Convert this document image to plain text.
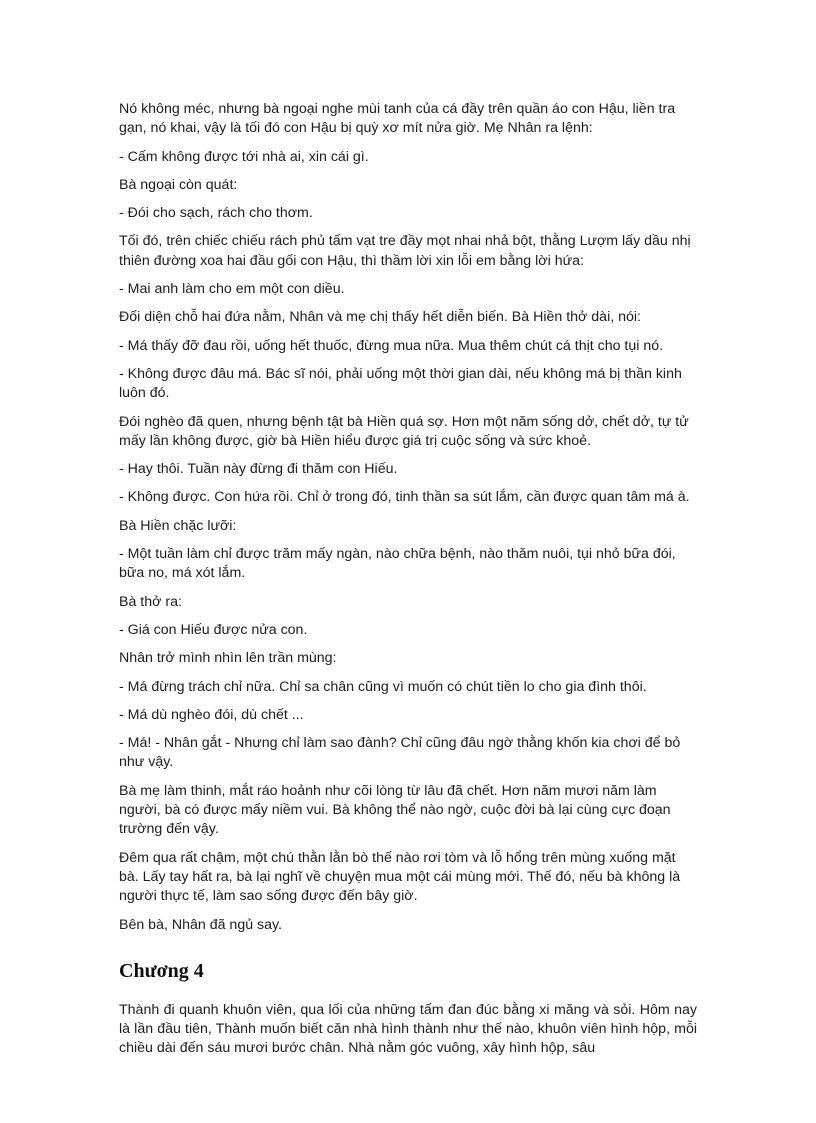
Nó không méc, nhưng bà ngoại nghe mùi tanh của cá đầy trên quần áo con Hậu, liền tra gạn, nó khai, vậy là tối đó con Hậu bị quỳ xơ mít nửa giờ. Mẹ Nhân ra lệnh:

- Cấm không được tới nhà ai, xin cái gì.

Bà ngoại còn quát:

- Đói cho sạch, rách cho thơm.

Tối đó, trên chiếc chiếu rách phủ tấm vạt tre đầy mọt nhai nhả bột, thằng Lượm lấy dầu nhị thiên đường xoa hai đầu gối con Hậu, thì thầm lời xin lỗi em bằng lời hứa:

- Mai anh làm cho em một con diều.

Đối diện chỗ hai đứa nằm, Nhân và mẹ chị thấy hết diễn biến. Bà Hiền thở dài, nói:

- Má thấy đỡ đau rồi, uống hết thuốc, đừng mua nữa. Mua thêm chút cá thịt cho tụi nó.

- Không được đâu má. Bác sĩ nói, phải uống một thời gian dài, nếu không má bị thần kinh luôn đó.

Đói nghèo đã quen, nhưng bệnh tật bà Hiền quá sợ. Hơn một năm sống dở, chết dở, tự tử mấy lần không được, giờ bà Hiền hiểu được giá trị cuộc sống và sức khoẻ.

- Hay thôi. Tuần này đừng đi thăm con Hiếu.

- Không được. Con hứa rồi. Chỉ ở trong đó, tinh thần sa sút lắm, cần được quan tâm má à.

Bà Hiền chặc lưỡi:

- Một tuần làm chỉ được trăm mấy ngàn, nào chữa bệnh, nào thăm nuôi, tụi nhỏ bữa đói, bữa no, má xót lắm.

Bà thở ra:

- Giá con Hiếu được nửa con.

Nhân trở mình nhìn lên trần mùng:

- Má đừng trách chỉ nữa. Chỉ sa chân cũng vì muốn có chút tiền lo cho gia đình thôi.

- Má dù nghèo đói, dù chết ...

- Má! - Nhân gắt - Nhưng chỉ làm sao đành? Chỉ cũng đâu ngờ thằng khốn kia chơi để bỏ như vậy.

Bà mẹ làm thinh, mắt ráo hoảnh như cõi lòng từ lâu đã chết. Hơn năm mươi năm làm người, bà có được mấy niềm vui. Bà không thể nào ngờ, cuộc đời bà lại cùng cực đoạn trường đến vậy.

Đêm qua rất chậm, một chú thằn lằn bò thế nào rơi tòm và lỗ hổng trên mùng xuống mặt bà. Lấy tay hất ra, bà lại nghĩ về chuyện mua một cái mùng mới. Thế đó, nếu bà không là người thực tế, làm sao sống được đến bây giờ.

Bên bà, Nhân đã ngủ say.

Chương 4

Thành đi quanh khuôn viên, qua lối của những tấm đan đúc bằng xi măng và sỏi. Hôm nay là lần đầu tiên, Thành muốn biết căn nhà hình thành như thế nào, khuôn viên hình hộp, mỗi chiều dài đến sáu mươi bước chân. Nhà nằm góc vuông, xây hình hộp, sâu
